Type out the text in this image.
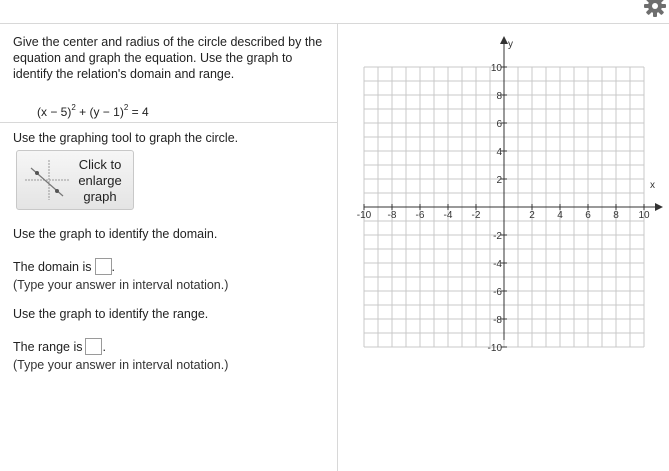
Give the center and radius of the circle described by the equation and graph the equation. Use the graph to identify the relation's domain and range.

$(x - 5)^2 + (y - 1)^2 = 4$

Use the graphing tool to graph the circle.

Click to
enlarge
graph

Use the graph to identify the domain.

The domain is .

(Type your answer in interval notation.)

Use the graph to identify the range.

The range is .

(Type your answer in interval notation.)

-10 -8 -6 -4 -2	2 4 6 8 10
10
8
6
4
2
-2
-4
-6
-8
-10
x
y
